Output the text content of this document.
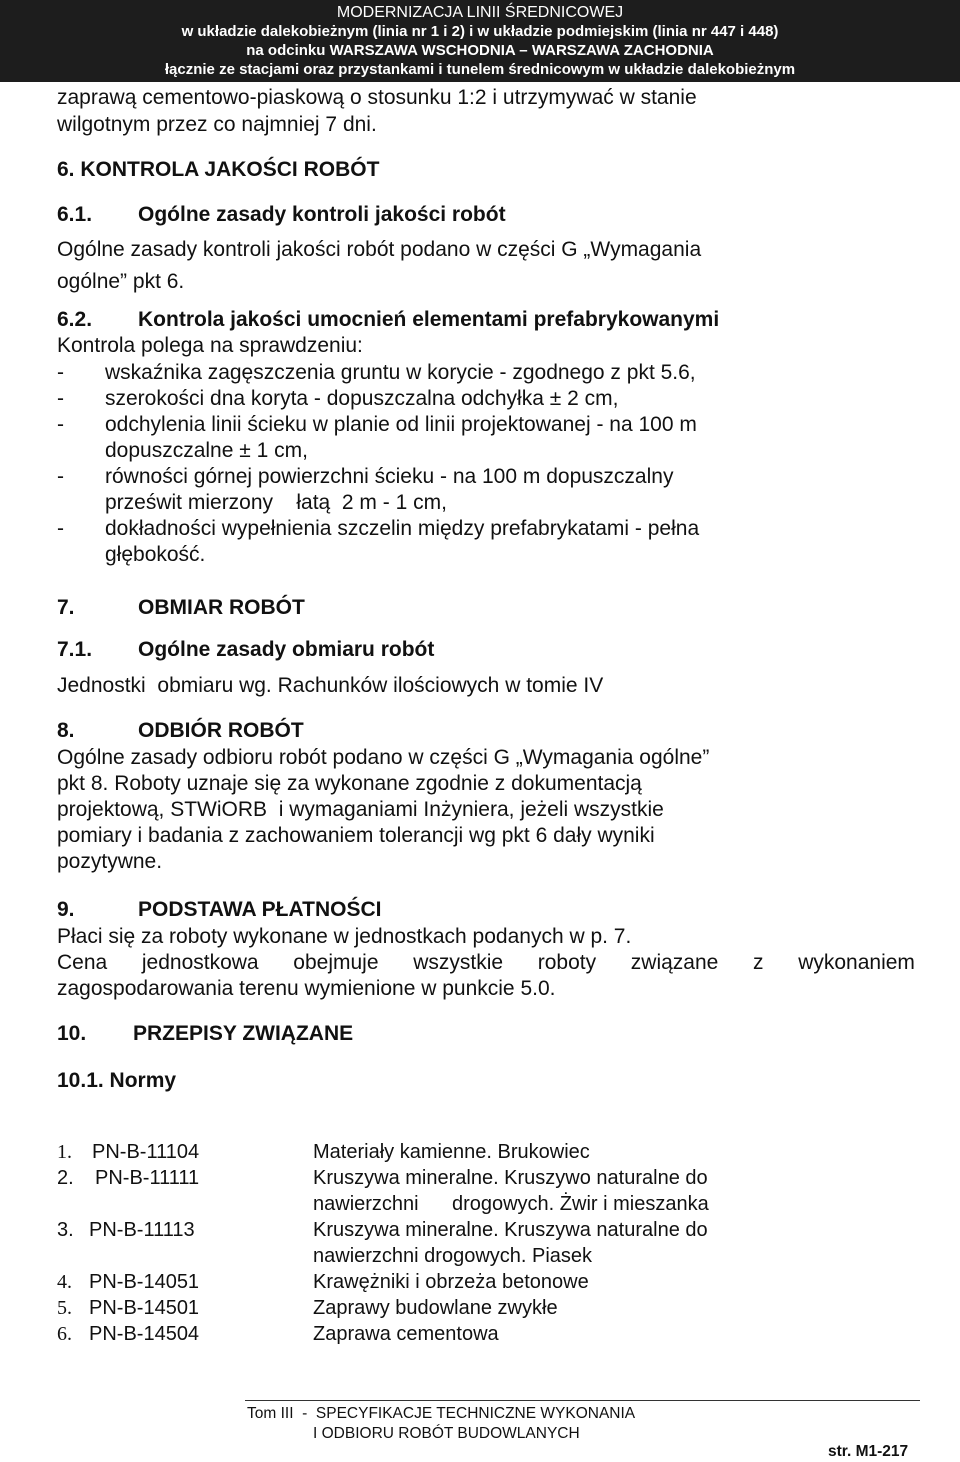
MODERNIZACJA LINII ŚREDNICOWEJ
w układzie dalekobieżnym (linia nr 1 i 2) i w układzie podmiejskim (linia nr 447 i 448)
na odcinku WARSZAWA WSCHODNIA – WARSZAWA ZACHODNIA
łącznie ze stacjami oraz przystankami i tunelem średnicowym w układzie dalekobieżnym
zaprawą cementowo-piaskową o stosunku 1:2 i utrzymywać w stanie
wilgotnym przez co najmniej 7 dni.
6. KONTROLA JAKOŚCI ROBÓT
6.1. Ogólne zasady kontroli jakości robót
Ogólne zasady kontroli jakości robót podano w części G „Wymagania
ogólne” pkt 6.
6.2. Kontrola jakości umocnień elementami prefabrykowanymi
Kontrola polega na sprawdzeniu:
- wskaźnika zagęszczenia gruntu w korycie - zgodnego z pkt 5.6,
- szerokości dna koryta - dopuszczalna odchyłka ± 2 cm,
- odchylenia linii ścieku w planie od linii projektowanej - na 100 m
dopuszczalne ± 1 cm,
- równości górnej powierzchni ścieku - na 100 m dopuszczalny
prześwit mierzony    łatą  2 m - 1 cm,
- dokładności wypełnienia szczelin między prefabrykatami - pełna
głębokość.
7.	OBMIAR ROBÓT
7.1. Ogólne zasady obmiaru robót
Jednostki  obmiaru wg. Rachunków ilościowych w tomie IV
8.	ODBIÓR ROBÓT
Ogólne zasady odbioru robót podano w części G „Wymagania ogólne”
pkt 8. Roboty uznaje się za wykonane zgodnie z dokumentacją
projektową, STWiORB  i wymaganiami Inżyniera, jeżeli wszystkie
pomiary i badania z zachowaniem tolerancji wg pkt 6 dały wyniki
pozytywne.
9.	PODSTAWA PŁATNOŚCI
Płaci się za roboty wykonane w jednostkach podanych w p. 7.
Cena jednostkowa obejmuje wszystkie roboty związane z wykonaniem
zagospodarowania terenu wymienione w punkcie 5.0.
10. PRZEPISY ZWIĄZANE
10.1. Normy
1. PN-B-11104	Materiały kamienne. Brukowiec
2. PN-B-11111	Kruszywa mineralne. Kruszywo naturalne do
nawierzchni      drogowych. Żwir i mieszanka
3. PN-B-11113	Kruszywa mineralne. Kruszywa naturalne do
nawierzchni drogowych. Piasek
4. PN-B-14051	Krawężniki i obrzeża betonowe
5. PN-B-14501	Zaprawy budowlane zwykłe
6. PN-B-14504	Zaprawa cementowa
Tom III  -  SPECYFIKACJE TECHNICZNE WYKONANIA
I ODBIORU ROBÓT BUDOWLANYCH
str. M1-217
